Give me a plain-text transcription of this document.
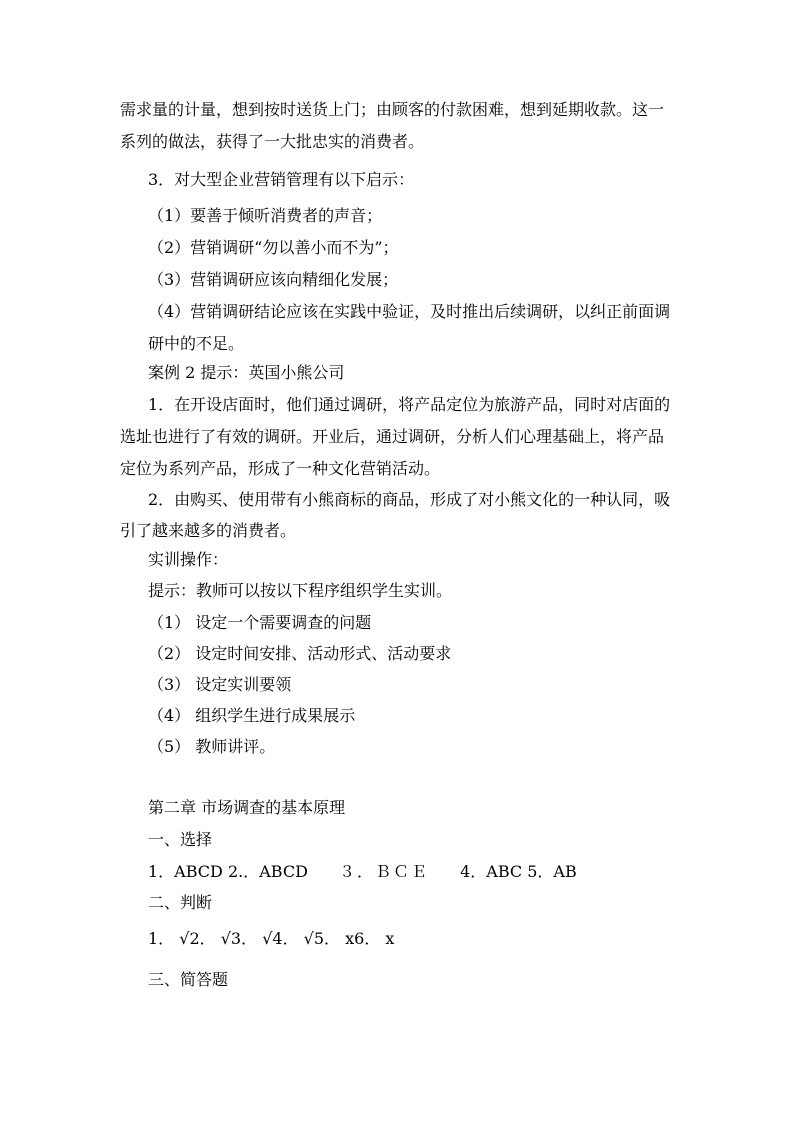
需求量的计量，想到按时送货上门；由顾客的付款困难，想到延期收款。这一
系列的做法，获得了一大批忠实的消费者。
3．对大型企业营销管理有以下启示：
（1）要善于倾听消费者的声音；
（2）营销调研“勿以善小而不为”；
（3）营销调研应该向精细化发展；
（4）营销调研结论应该在实践中验证，及时推出后续调研，以纠正前面调
研中的不足。
案例 2 提示：英国小熊公司
1．在开设店面时，他们通过调研，将产品定位为旅游产品，同时对店面的
选址也进行了有效的调研。开业后，通过调研，分析人们心理基础上，将产品
定位为系列产品，形成了一种文化营销活动。
2．由购买、使用带有小熊商标的商品，形成了对小熊文化的一种认同，吸
引了越来越多的消费者。
实训操作：
提示：教师可以按以下程序组织学生实训。
（1） 设定一个需要调查的问题
（2） 设定时间安排、活动形式、活动要求
（3） 设定实训要领
（4） 组织学生进行成果展示
（5） 教师讲评。
第二章 市场调查的基本原理
一、选择
1．ABCD 2.．ABCD ３．ＢＣＥ 4．ABC 5．AB
二、判断
1． √2． √3． √4． √5． x6． x
三、简答题
